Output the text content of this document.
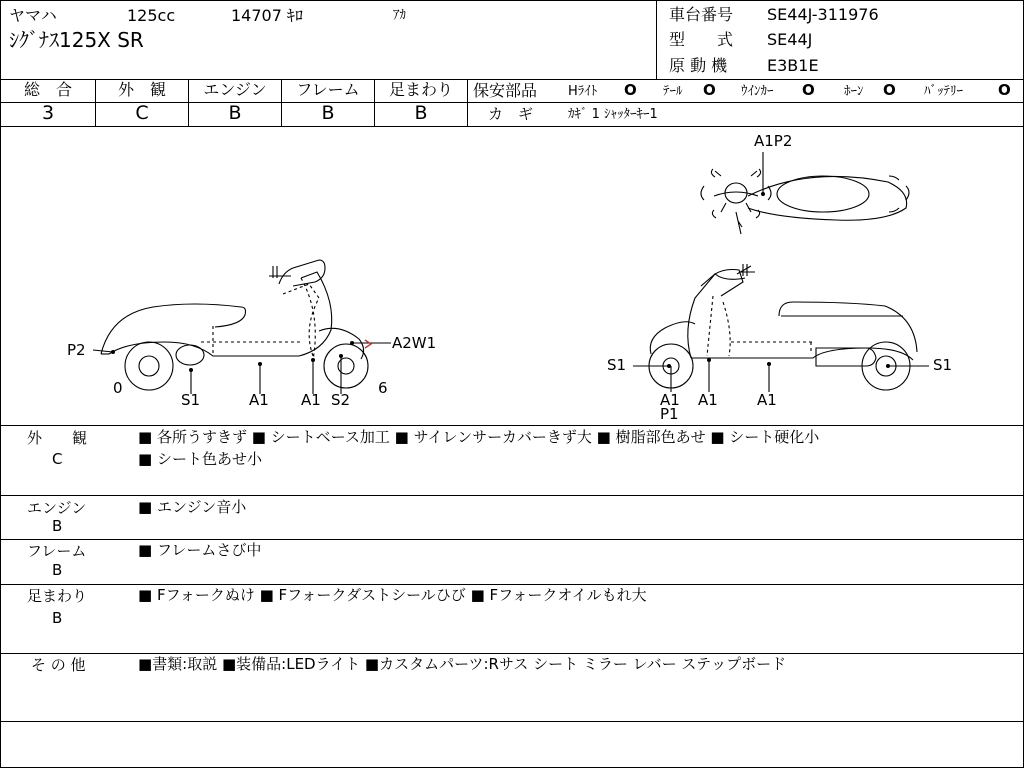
ヤマハ	125cc	14707 ｷﾛ	ｱｶ
ｼｸﾞﾅｽ125X SR
車台番号 SE44J-311976
型　　式 SE44J
原 動 機 E3B1E
総　合
3
外　観
C
エンジン
B
フレーム
B
足まわり
B
保安部品 Hﾗｲﾄ O ﾃｰﾙ O ｳｲﾝｶｰ O ﾎｰﾝ O ﾊﾞｯﾃﾘｰ O
カ　ギ	ｶｷﾞ 1 ｼｬｯﾀｰｷｰ1
A1P2
P2
0
S1	A1 A1 S2
6
A2W1
S1
A1
P1
A1	A1
S1
外　　観
C
■ 各所うすきず ■ シートベース加工 ■ サイレンサーカバーきず大 ■ 樹脂部色あせ ■ シート硬化小
■ シート色あせ小
エンジン
B
■ エンジン音小
フレーム
B
■ フレームさび中
足まわり
B
■ Fフォークぬけ ■ Fフォークダストシールひび ■ Fフォークオイルもれ大
そ の 他	■書類:取説 ■装備品:LEDライト ■カスタムパーツ:Rサス シート ミラー レバー ステップボード
